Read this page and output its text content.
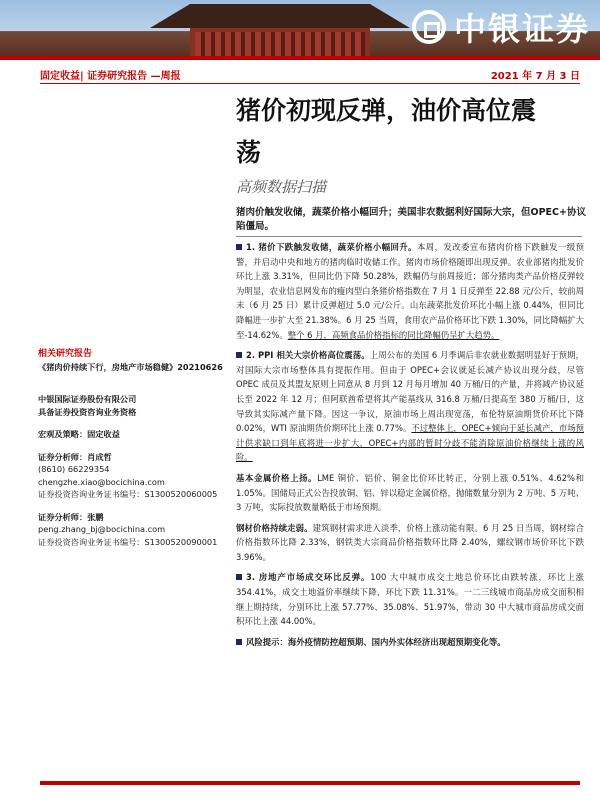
中银证券
固定收益| 证券研究报告 —周报	2021 年 7 月 3 日
猪价初现反弹，油价高位震
荡
高频数据扫描
猪肉价触发收储，蔬菜价格小幅回升；美国非农数据利好国际大宗，但OPEC+协议陷僵局。
相关研究报告
《猪肉价持续下行，房地产市场稳健》20210626
中银国际证券股份有限公司
具备证券投资咨询业务资格
宏观及策略：固定收益
证券分析师：肖成哲
(8610) 66229354
chengzhe.xiao@bocichina.com
证券投资咨询业务证书编号：S1300520060005
证券分析师：张鹏
peng.zhang_bj@bocichina.com
证券投资咨询业务证书编号：S1300520090001

1. 猪价下跌触发收储，蔬菜价格小幅回升。本周，发改委宣布猪肉价格下跌触发一级预警，并启动中央和地方的猪肉临时收储工作。猪肉市场价格随即出现反弹。农业部猪肉批发价环比上涨 3.31%，但同比仍下降 50.28%，跌幅仍与前周接近；部分猪肉类产品价格反弹较为明显，农业信息网发布的瘦肉型白条猪价格指数在 7 月 1 日反弹至 22.88 元/公斤，较前周末（6 月 25 日）累计反弹超过 5.0 元/公斤。山东蔬菜批发价环比小幅上涨 0.44%，但同比降幅进一步扩大至 21.38%。6 月 25 当周，食用农产品价格环比下跌 1.30%，同比降幅扩大至-14.62%。整个 6 月，高频食品价格指标的同比降幅仍呈扩大趋势。

2. PPI 相关大宗价格高位震荡。上周公布的美国 6 月季调后非农就业数据明显好于预期，对国际大宗市场整体具有提振作用。但由于 OPEC+会议就延长减产协议出现分歧，尽管 OPEC 成员及其盟友原则上同意从 8 月到 12 月每月增加 40 万桶/日的产量，并将减产协议延长至 2022 年 12 月；但阿联酋希望将其产能基线从 316.8 万桶/日提高至 380 万桶/日，这导致其实际减产量下降。因这一争议，原油市场上周出现宽荡，布伦特原油期货价环比下降 0.02%，WTI 原油期货价期环比上涨 0.77%。不过整体上，OPEC+倾向于延长减产，市场预计供求缺口到年底将进一步扩大，OPEC+内部的暂时分歧不能消除原油价格继续上涨的风险。

基本金属价格上扬。LME 铜价、铝价、铜金比价环比转正，分别上涨 0.51%、4.62%和 1.05%。国储局正式公告投放铜、铝、锌以稳定金属价格，抛储数量分别为 2 万吨、5 万吨、3 万吨，实际投放数量略低于市场预期。

钢材价格持续走弱。建筑钢材需求进入淡季，价格上涨动能有限。6 月 25 日当周，钢材综合价格指数环比降 2.33%，钢铁类大宗商品价格指数环比降 2.40%，螺纹钢市场价环比下跌 3.96%。

3. 房地产市场成交环比反弹。100 大中城市成交土地总价环比由跌转涨，环比上涨 354.41%，成交土地溢价率继续下降，环比下跌 11.31%。一二三线城市商品房成交面积相继上期持续，分别环比上涨 57.77%、35.08%、51.97%，带动 30 中大城市商品房成交面积环比上涨 44.00%。

风险提示：海外疫情防控超预期、国内外实体经济出现超预期变化等。
